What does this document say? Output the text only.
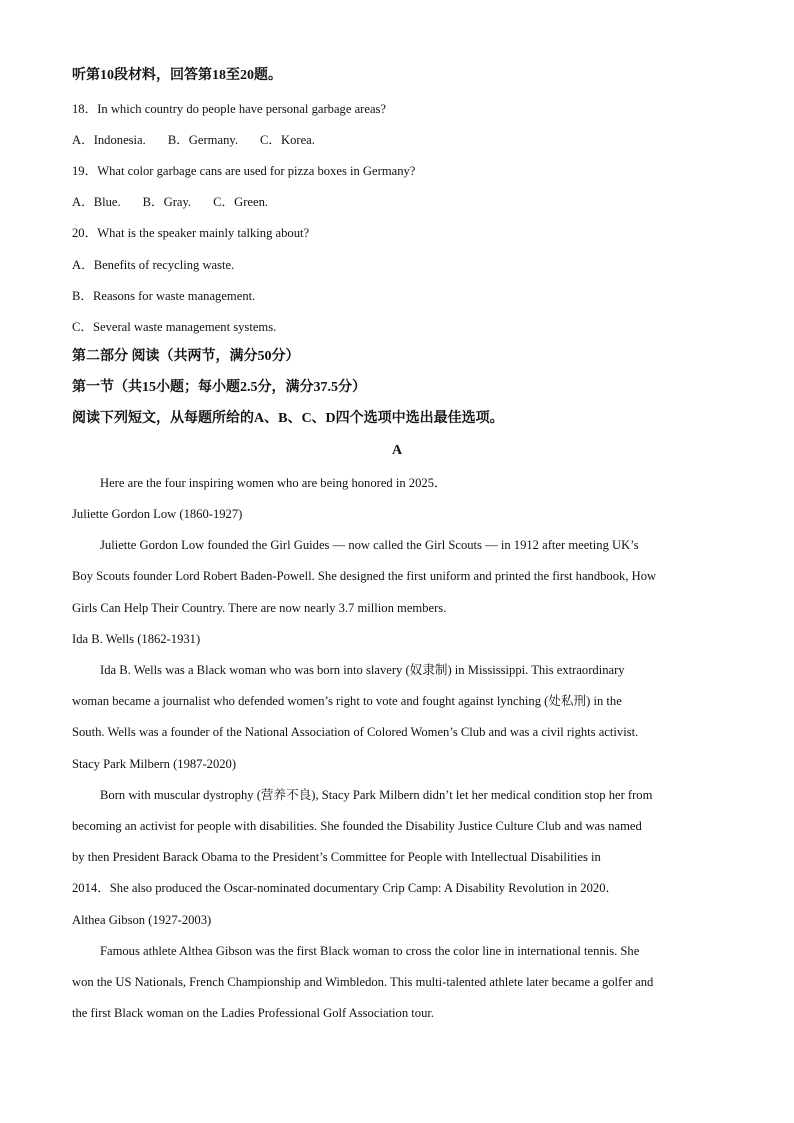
听第10段材料，回答第18至20题。
18．In which country do people have personal garbage areas?
A．Indonesia. B．Germany. C．Korea.
19．What color garbage cans are used for pizza boxes in Germany?
A．Blue. B．Gray. C．Green.
20．What is the speaker mainly talking about?
A．Benefits of recycling waste.
B．Reasons for waste management.
C．Several waste management systems.
第二部分 阅读（共两节，满分50分）
第一节（共15小题；每小题2.5分，满分37.5分）
阅读下列短文，从每题所给的A、B、C、D四个选项中选出最佳选项。
A
Here are the four inspiring women who are being honored in 2025．
Juliette Gordon Low (1860-1927)
Juliette Gordon Low founded the Girl Guides — now called the Girl Scouts — in 1912 after meeting UK’s
Boy Scouts founder Lord Robert Baden-Powell. She designed the first uniform and printed the first handbook, How
Girls Can Help Their Country. There are now nearly 3.7 million members.
Ida B. Wells (1862-1931)
Ida B. Wells was a Black woman who was born into slavery (奴隶制) in Mississippi. This extraordinary
woman became a journalist who defended women’s right to vote and fought against lynching (处私刑) in the
South. Wells was a founder of the National Association of Colored Women’s Club and was a civil rights activist.
Stacy Park Milbern (1987-2020)
Born with muscular dystrophy (营养不良), Stacy Park Milbern didn’t let her medical condition stop her from
becoming an activist for people with disabilities. She founded the Disability Justice Culture Club and was named
by then President Barack Obama to the President’s Committee for People with Intellectual Disabilities in
2014．She also produced the Oscar-nominated documentary Crip Camp: A Disability Revolution in 2020．
Althea Gibson (1927-2003)
Famous athlete Althea Gibson was the first Black woman to cross the color line in international tennis. She
won the US Nationals, French Championship and Wimbledon. This multi-talented athlete later became a golfer and
the first Black woman on the Ladies Professional Golf Association tour.
